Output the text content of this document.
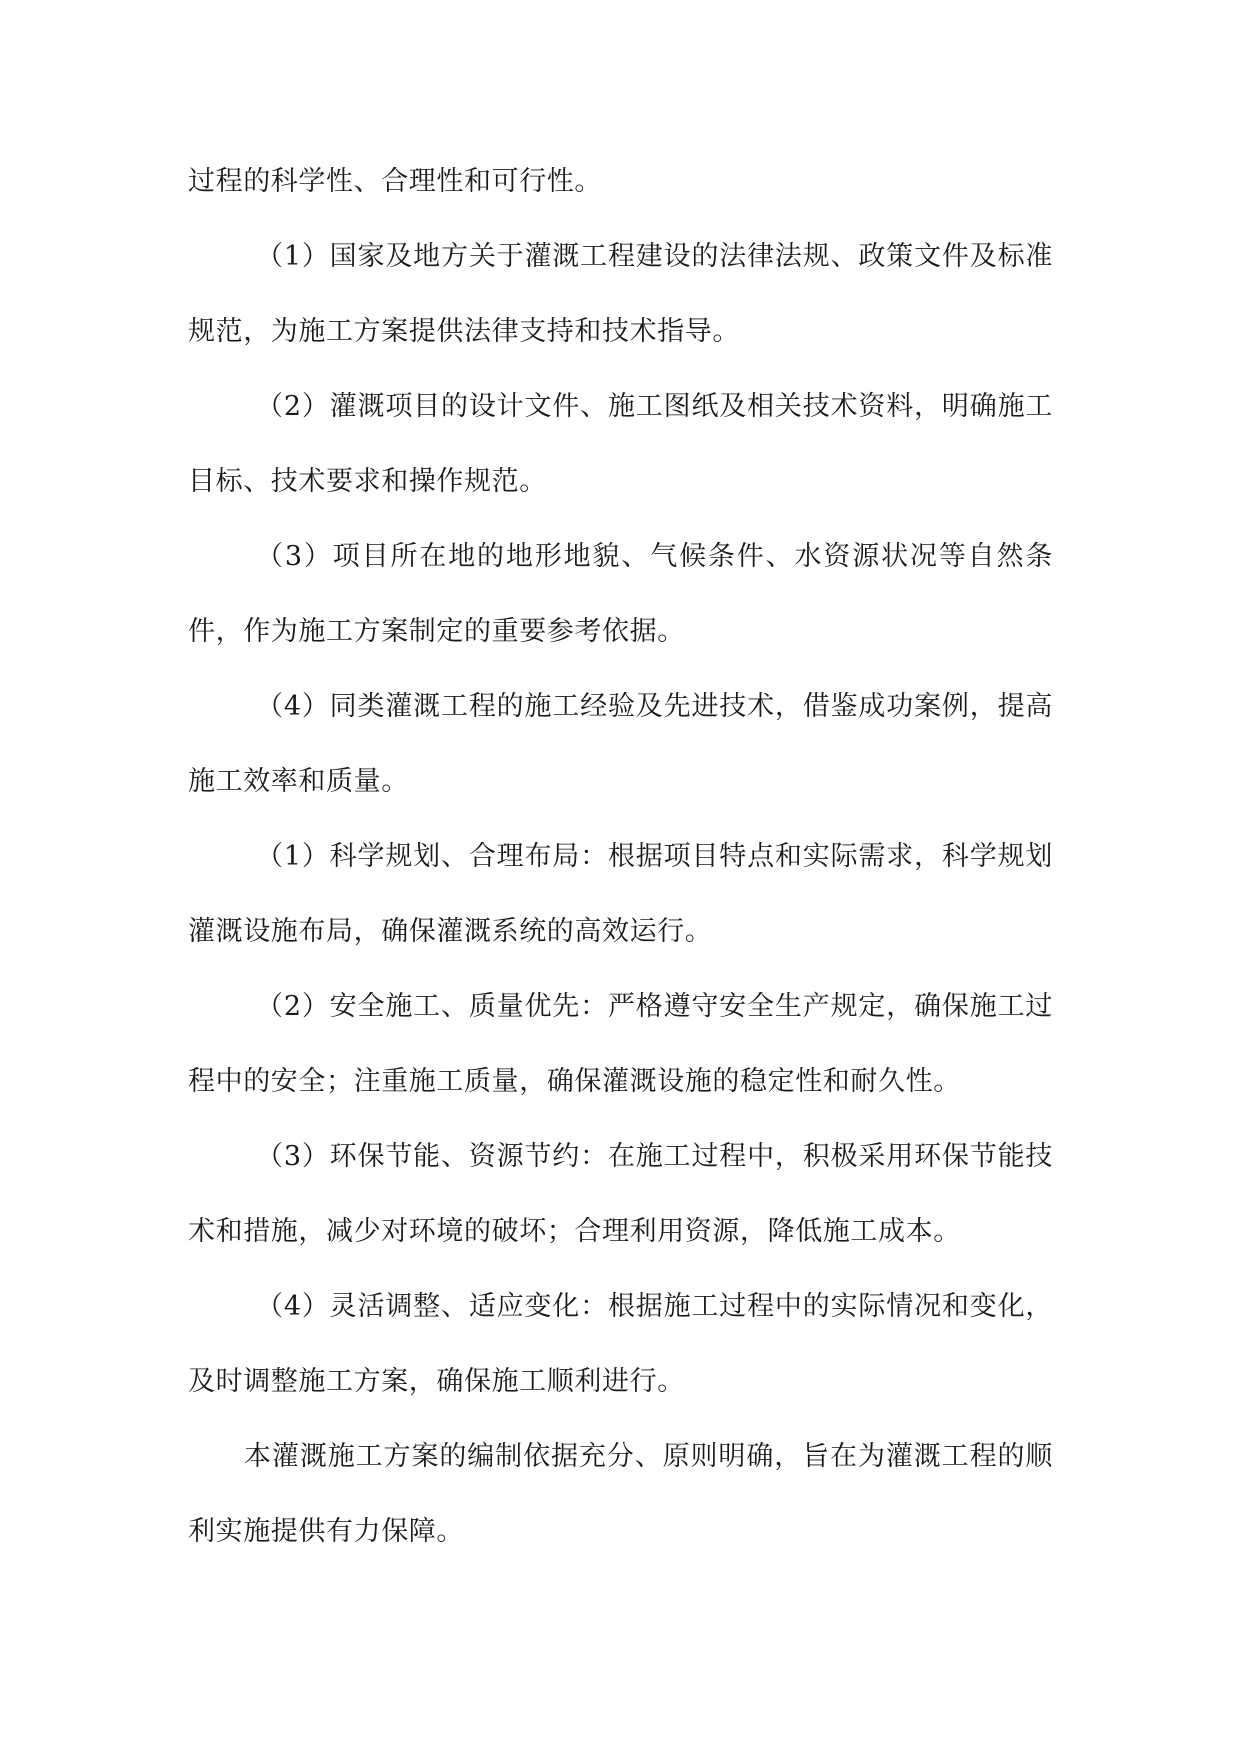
过程的科学性、合理性和可行性。

（1）国家及地方关于灌溉工程建设的法律法规、政策文件及标准规范，为施工方案提供法律支持和技术指导。

（2）灌溉项目的设计文件、施工图纸及相关技术资料，明确施工目标、技术要求和操作规范。

（3）项目所在地的地形地貌、气候条件、水资源状况等自然条件，作为施工方案制定的重要参考依据。

（4）同类灌溉工程的施工经验及先进技术，借鉴成功案例，提高施工效率和质量。

（1）科学规划、合理布局：根据项目特点和实际需求，科学规划灌溉设施布局，确保灌溉系统的高效运行。

（2）安全施工、质量优先：严格遵守安全生产规定，确保施工过程中的安全；注重施工质量，确保灌溉设施的稳定性和耐久性。

（3）环保节能、资源节约：在施工过程中，积极采用环保节能技术和措施，减少对环境的破坏；合理利用资源，降低施工成本。

（4）灵活调整、适应变化：根据施工过程中的实际情况和变化，及时调整施工方案，确保施工顺利进行。

本灌溉施工方案的编制依据充分、原则明确，旨在为灌溉工程的顺利实施提供有力保障。
